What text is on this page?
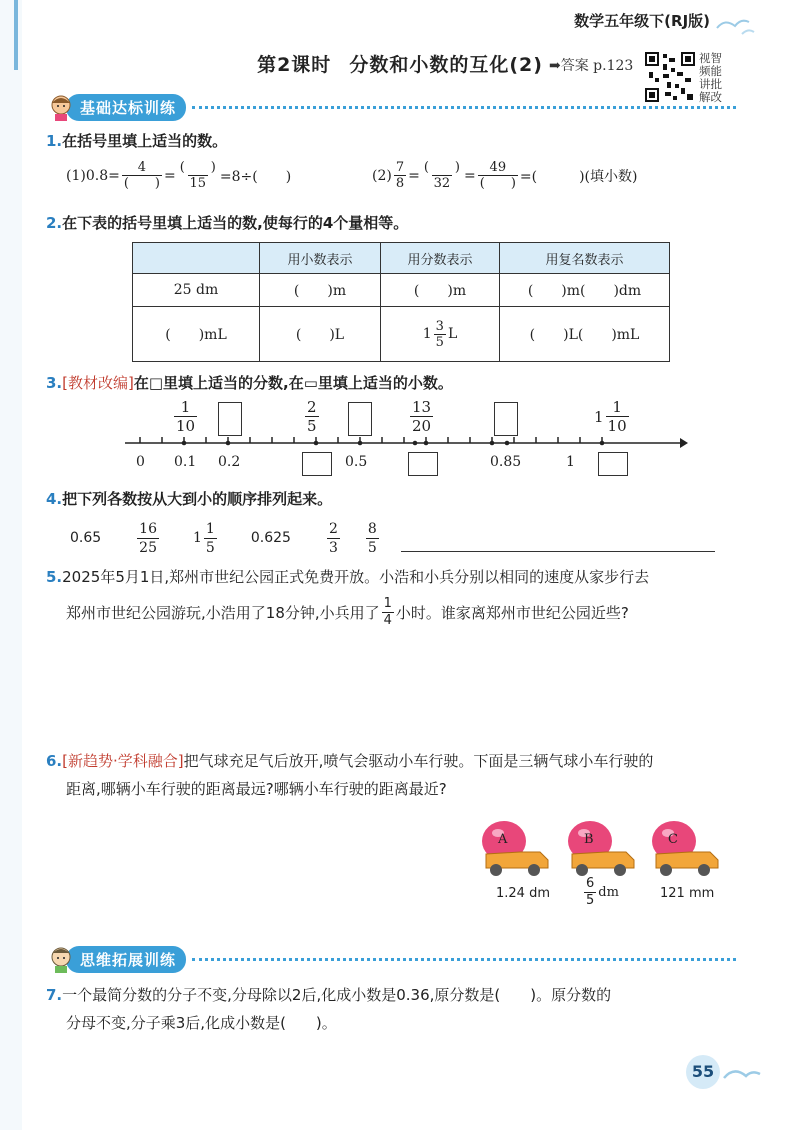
数学五年级下(RJ版)
第2课时 分数和小数的互化(2) ➡答案 p.123	视智
频能
讲批
解改
基础达标训练
1.在括号里填上适当的数。
$(1)0.8= \frac{4}{( )} = \frac{( )}{15} =8\div$(　　)	$(2) \frac{7}{8} = \frac{( )}{32} = \frac{49}{( )}$ =(　　　)(填小数)
2.在下表的括号里填上适当的数,使每行的4个量相等。
	用小数表示	用分数表示	用复名数表示
25 dm	(　　)m	(　　)m	(　　)m(　　)dm
(　　)mL	(　　)L	$1 \frac{3}{5}$ L	(　　)L(　　)mL
3.[教材改编]在□里填上适当的分数,在▭里填上适当的小数。
$\frac{1}{10}$	$\frac{2}{5}$	$\frac{13}{20}$	$1 \frac{1}{10}$
0 0.1 0.2	0.5	0.85	1
4.把下列各数按从大到小的顺序排列起来。
0.65	$\frac{16}{25} 1 \frac{1}{5} 0.625$	$\frac{2}{3} \frac{8}{5}$
5.2025年5月1日,郑州市世纪公园正式免费开放。小浩和小兵分别以相同的速度从家步行去
郑州市世纪公园游玩,小浩用了18分钟,小兵用了 $\frac{1}{4}$ 小时。谁家离郑州市世纪公园近些?
6.[新趋势·学科融合]把气球充足气后放开,喷气会驱动小车行驶。下面是三辆气球小车行驶的
距离,哪辆小车行驶的距离最远?哪辆小车行驶的距离最近?
A	B	C
1.24 dm	$\frac{6}{5}$ dm	121 mm
思维拓展训练
7.一个最简分数的分子不变,分母除以2后,化成小数是0.36,原分数是(　　)。原分数的
分母不变,分子乘3后,化成小数是(　　)。
55
